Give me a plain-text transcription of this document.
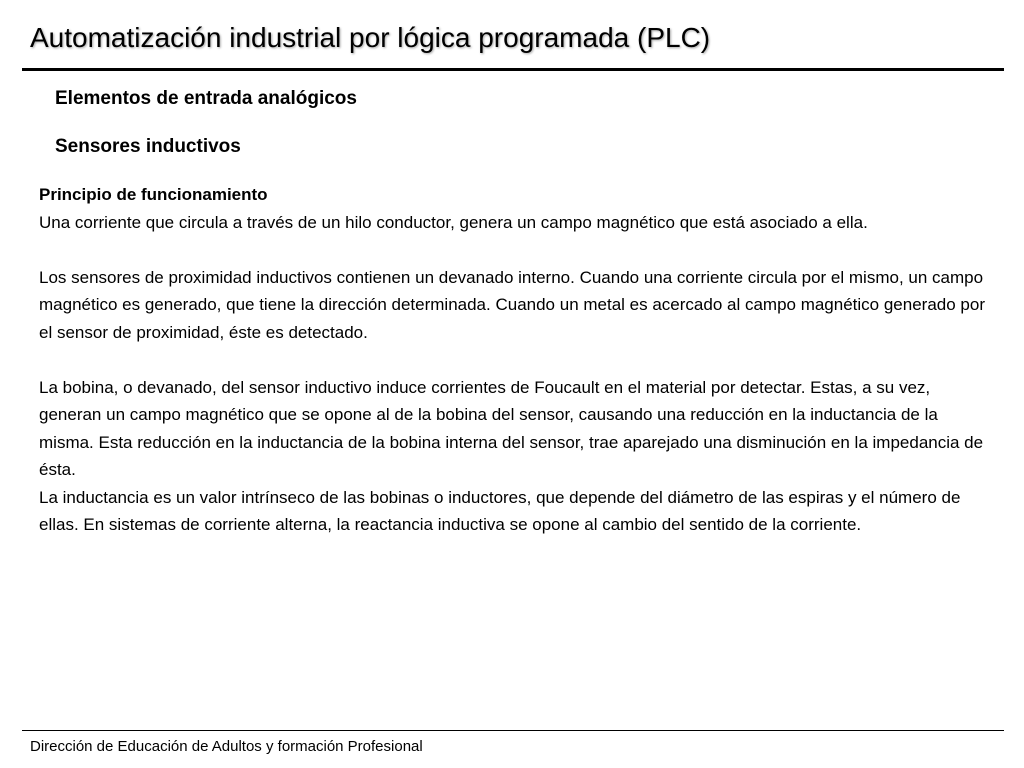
Automatización industrial por lógica programada (PLC)
Elementos de entrada analógicos
Sensores inductivos

Principio de funcionamiento

Una corriente que circula a través de un hilo conductor, genera un campo magnético que está asociado a ella.

Los sensores de proximidad inductivos contienen un devanado interno. Cuando una corriente circula por el mismo, un campo magnético es generado, que tiene la dirección determinada. Cuando un metal es acercado al campo magnético generado por el sensor de proximidad, éste es detectado.

La bobina, o devanado, del sensor inductivo induce corrientes de Foucault en el material por detectar. Estas, a su vez, generan un campo magnético que se opone al de la bobina del sensor, causando una reducción en la inductancia de la misma. Esta reducción en la inductancia de la bobina interna del sensor, trae aparejado una disminución en la impedancia de ésta.

La inductancia es un valor intrínseco de las bobinas o inductores, que depende del diámetro de las espiras y el número de ellas. En sistemas de corriente alterna, la reactancia inductiva se opone al cambio del sentido de la corriente.

Dirección de Educación de Adultos y formación Profesional
